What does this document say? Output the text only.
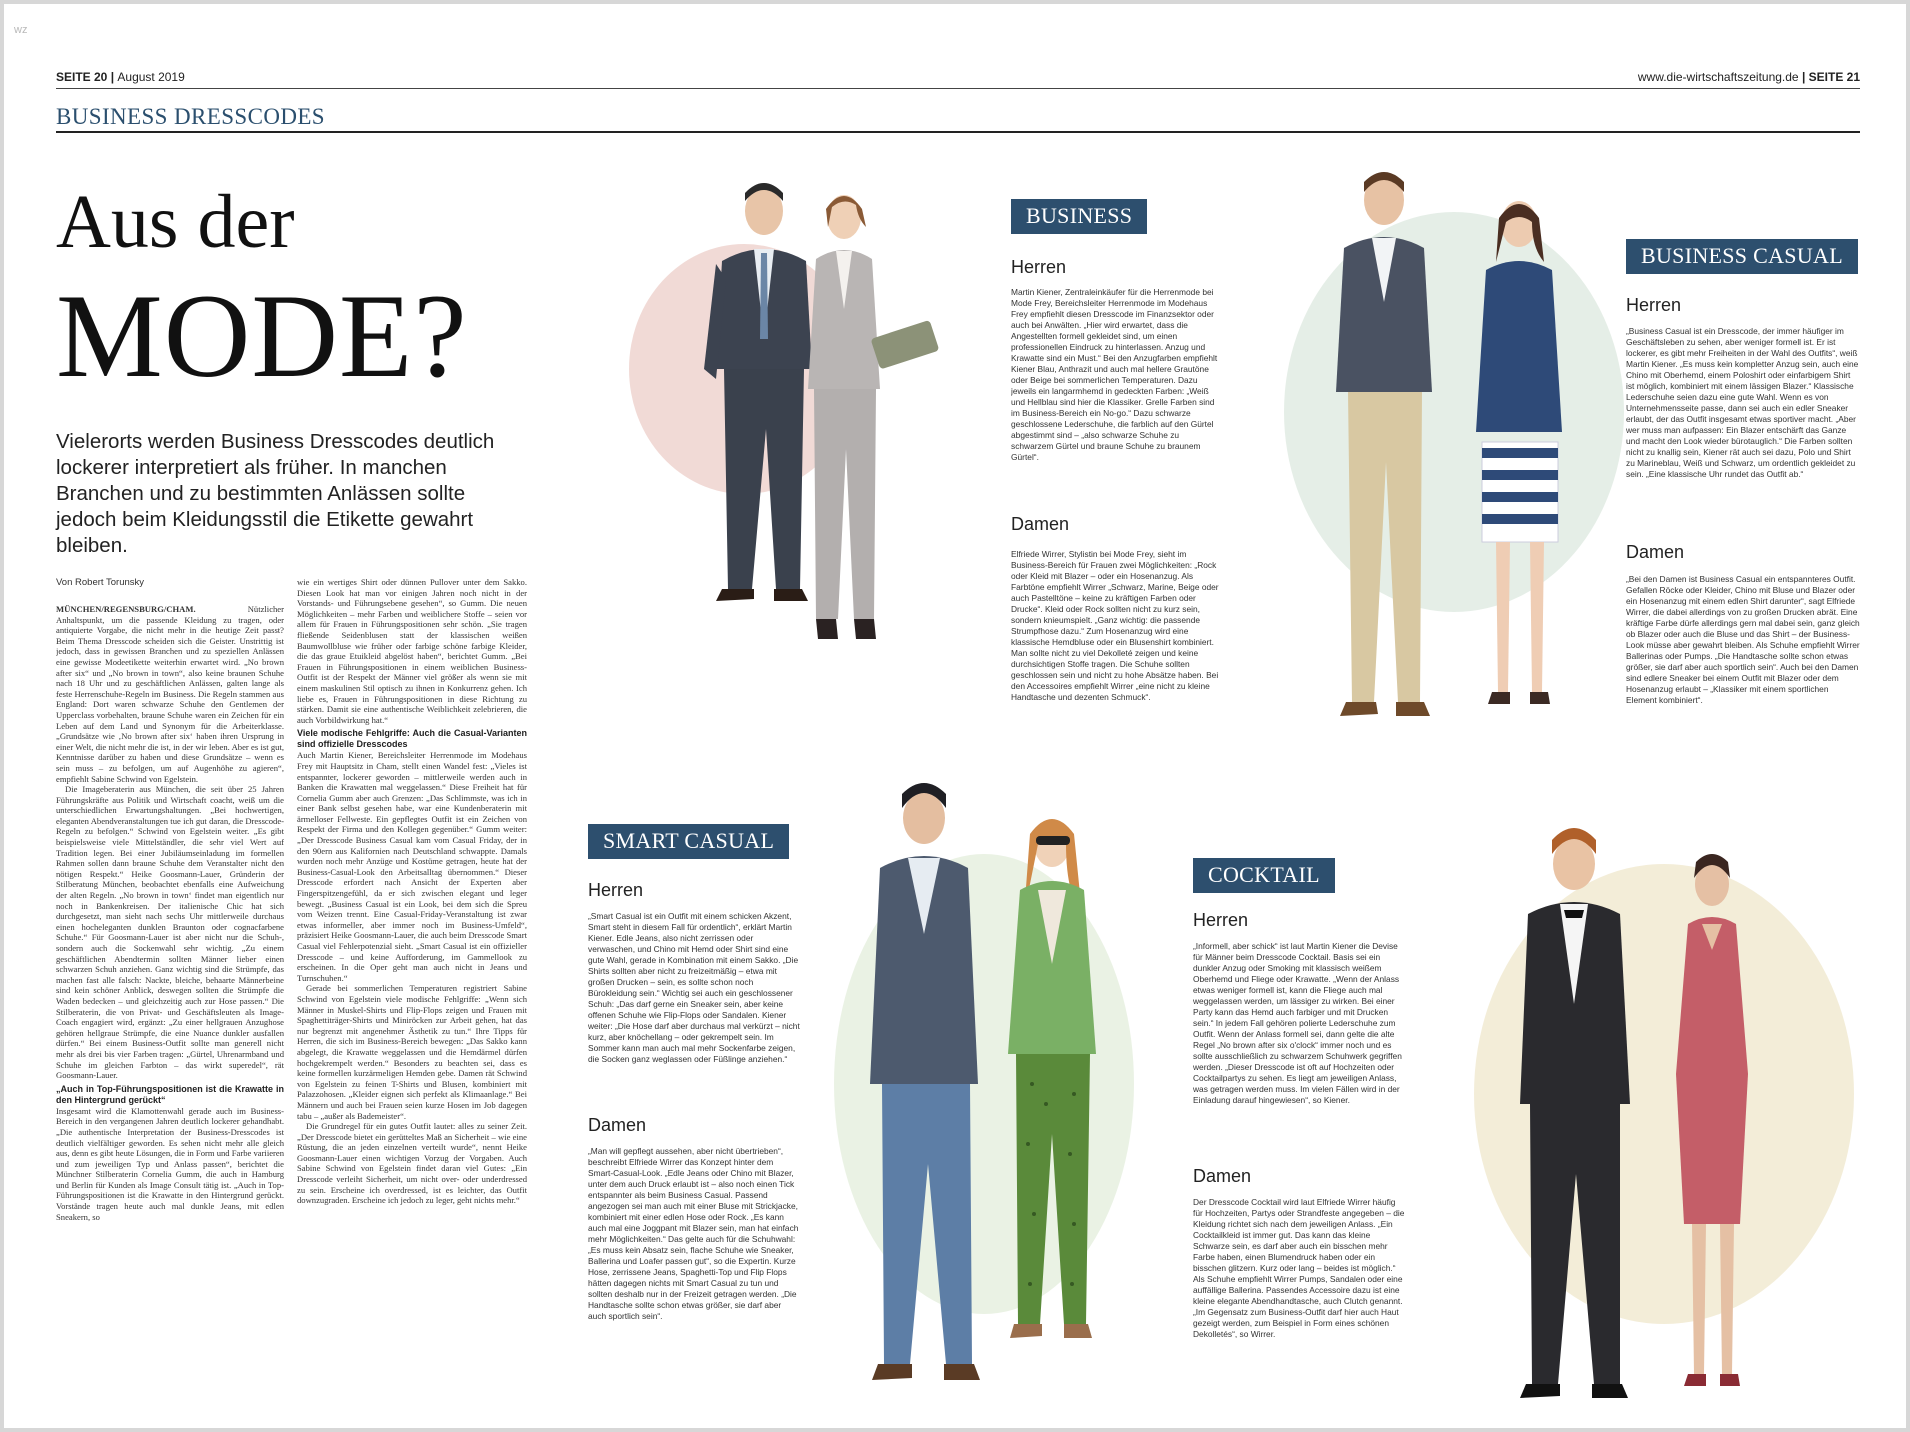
wz
SEITE 20 | August 2019	www.die-wirtschaftszeitung.de | SEITE 21
BUSINESS DRESSCODES
Aus der
MODE?
Vielerorts werden Business Dresscodes deutlich lockerer interpretiert als früher. In manchen Branchen und zu bestimmten Anlässen sollte jedoch beim Kleidungsstil die Etikette gewahrt bleiben.
Von Robert Torunsky

MÜNCHEN/REGENSBURG/CHAM.	Nützlicher Anhaltspunkt, um die passende Kleidung zu tragen, oder antiquierte Vorgabe, die nicht mehr in die heutige Zeit passt? Beim Thema Dresscode scheiden sich die Geister. Unstrittig ist jedoch, dass in gewissen Branchen und zu speziellen Anlässen eine gewisse Modeetikette weiterhin erwartet wird. „No brown after six“ und „No brown in town“, also keine braunen Schuhe nach 18 Uhr und zu geschäftlichen Anlässen, galten lange als feste Herrenschuhe-Regeln im Business. Die Regeln stammen aus England: Dort waren schwarze Schuhe den Gentlemen der Upperclass vorbehalten, braune Schuhe waren ein Zeichen für ein Leben auf dem Land und Synonym für die Arbeiterklasse. „Grundsätze wie ‚No brown after six‘ haben ihren Ursprung in einer Welt, die nicht mehr die ist, in der wir leben. Aber es ist gut, Kenntnisse darüber zu haben und diese Grundsätze – wenn es sein muss – zu befolgen, um auf Augenhöhe zu agieren“, empfiehlt Sabine Schwind von Egelstein.

Die Imageberaterin aus München, die seit über 25 Jahren Führungskräfte aus Politik und Wirtschaft coacht, weiß um die unterschiedlichen Erwartungshaltungen. „Bei hochwertigen, eleganten Abendveranstaltungen tue ich gut daran, die Dresscode-Regeln zu befolgen.“ Schwind von Egelstein weiter. „Es gibt beispielsweise viele Mittelständler, die sehr viel Wert auf Tradition legen. Bei einer Jubiläumseinladung im formellen Rahmen sollen dann braune Schuhe dem Veranstalter nicht den nötigen Respekt.“ Heike Goosmann-Lauer, Gründerin der Stilberatung München, beobachtet ebenfalls eine Aufweichung der alten Regeln. „No brown in town‘ findet man eigentlich nur noch in Bankenkreisen. Der italienische Chic hat sich durchgesetzt, man sieht nach sechs Uhr mittlerweile durchaus einen hocheleganten dunklen Braunton oder cognacfarbene Schuhe.“ Für Goosmann-Lauer ist aber nicht nur die Schuh-, sondern auch die Sockenwahl sehr wichtig. „Zu einem geschäftlichen Abendtermin sollten Männer lieber einen schwarzen Schuh anziehen. Ganz wichtig sind die Strümpfe, das machen fast alle falsch: Nackte, bleiche, behaarte Männerbeine sind kein schöner Anblick, deswegen sollten die Strümpfe die Waden bedecken – und gleichzeitig auch zur Hose passen.“ Die Stilberaterin, die von Privat- und Geschäftsleuten als Image-Coach engagiert wird, ergänzt: „Zu einer hellgrauen Anzughose gehören hellgraue Strümpfe, die eine Nuance dunkler ausfallen dürfen.“ Bei einem Business-Outfit sollte man generell nicht mehr als drei bis vier Farben tragen: „Gürtel, Uhrenarmband und Schuhe im gleichen Farbton – das wirkt superedel“, rät Goosmann-Lauer.

„Auch in Top-Führungspositionen ist die Krawatte in den Hintergrund gerückt“

Insgesamt wird die Klamottenwahl gerade auch im Business-Bereich in den vergangenen Jahren deutlich lockerer gehandhabt. „Die authentische Interpretation der Business-Dresscodes ist deutlich vielfältiger geworden. Es sehen nicht mehr alle gleich aus, denn es gibt heute Lösungen, die in Form und Farbe variieren und zum jeweiligen Typ und Anlass passen“, berichtet die Münchner Stilberaterin Cornelia Gumm, die auch in Hamburg und Berlin für Kunden als Image Consult tätig ist. „Auch in Top-Führungspositionen ist die Krawatte in den Hintergrund gerückt. Vorstände tragen heute auch mal dunkle Jeans, mit edlen Sneakern, so

wie ein wertiges Shirt oder dünnen Pullover unter dem Sakko. Diesen Look hat man vor einigen Jahren noch nicht in der Vorstands- und Führungsebene gesehen“, so Gumm. Die neuen Möglichkeiten – mehr Farben und weiblichere Stoffe – seien vor allem für Frauen in Führungspositionen sehr schön. „Sie tragen fließende Seidenblusen statt der klassischen weißen Baumwollbluse wie früher oder farbige schöne farbige Kleider, die das graue Etuikleid abgelöst haben“, berichtet Gumm. „Bei Frauen in Führungspositionen in einem weiblichen Business-Outfit ist der Respekt der Männer viel größer als wenn sie mit einem maskulinen Stil optisch zu ihnen in Konkurrenz gehen. Ich liebe es, Frauen in Führungspositionen in diese Richtung zu stärken. Damit sie eine authentische Weiblichkeit zelebrieren, die auch Vorbildwirkung hat.“

Viele modische Fehlgriffe: Auch die Casual-Varianten sind offizielle Dresscodes

Auch Martin Kiener, Bereichsleiter Herrenmode im Modehaus Frey mit Hauptsitz in Cham, stellt einen Wandel fest: „Vieles ist entspannter, lockerer geworden – mittlerweile werden auch in Banken die Krawatten mal weggelassen.“ Diese Freiheit hat für Cornelia Gumm aber auch Grenzen: „Das Schlimmste, was ich in einer Bank selbst gesehen habe, war eine Kundenberaterin mit ärmelloser Fellweste. Ein gepflegtes Outfit ist ein Zeichen von Respekt der Firma und den Kollegen gegenüber.“ Gumm weiter: „Der Dresscode Business Casual kam vom Casual Friday, der in den 90ern aus Kalifornien nach Deutschland schwappte. Damals wurden noch mehr Anzüge und Kostüme getragen, heute hat der Business-Casual-Look den Arbeitsalltag übernommen.“ Dieser Dresscode erfordert nach Ansicht der Experten aber Fingerspitzengefühl, da er sich zwischen elegant und leger bewegt. „Business Casual ist ein Look, bei dem sich die Spreu vom Weizen trennt. Eine Casual-Friday-Veranstaltung ist zwar etwas informeller, aber immer noch im Business-Umfeld“, präzisiert Heike Goosmann-Lauer, die auch beim Dresscode Smart Casual viel Fehlerpotenzial sieht. „Smart Casual ist ein offizieller Dresscode – und keine Aufforderung, im Gammellook zu erscheinen. In die Oper geht man auch nicht in Jeans und Turnschuhen.“

Gerade bei sommerlichen Temperaturen registriert Sabine Schwind von Egelstein viele modische Fehlgriffe: „Wenn sich Männer in Muskel-Shirts und Flip-Flops zeigen und Frauen mit Spaghettiträger-Shirts und Miniröcken zur Arbeit gehen, hat das nur begrenzt mit angenehmer Ästhetik zu tun.“ Ihre Tipps für Herren, die sich im Business-Bereich bewegen: „Das Sakko kann abgelegt, die Krawatte weggelassen und die Hemdärmel dürfen hochgekrempelt werden.“ Besonders zu beachten sei, dass es keine formellen kurzärmeligen Hemden gebe. Damen rät Schwind von Egelstein zu feinen T-Shirts und Blusen, kombiniert mit Palazzohosen. „Kleider eignen sich perfekt als Klimaanlage.“ Bei Männern und auch bei Frauen seien kurze Hosen im Job dagegen tabu – „außer als Bademeister“.

Die Grundregel für ein gutes Outfit lautet: alles zu seiner Zeit. „Der Dresscode bietet ein gerütteltes Maß an Sicherheit – wie eine Rüstung, die an jeden einzelnen verteilt wurde“, nennt Heike Goosmann-Lauer einen wichtigen Vorzug der Vorgaben. Auch Sabine Schwind von Egelstein findet daran viel Gutes: „Ein Dresscode verleiht Sicherheit, um nicht over- oder underdressed zu sein. Erscheine ich overdressed, ist es leichter, das Outfit downzugraden. Erscheine ich jedoch zu leger, geht nichts mehr.“

BUSINESS
Herren
Martin Kiener, Zentraleinkäufer für die Herrenmode bei Mode Frey, Bereichsleiter Herrenmode im Modehaus Frey empfiehlt diesen Dresscode im Finanzsektor oder auch bei Anwälten. „Hier wird erwartet, dass die Angestellten formell gekleidet sind, um einen professionellen Eindruck zu hinterlassen. Anzug und Krawatte sind ein Must.“ Bei den Anzugfarben empfiehlt Kiener Blau, Anthrazit und auch mal hellere Grautöne oder Beige bei sommerlichen Temperaturen. Dazu jeweils ein langarmhemd in gedeckten Farben: „Weiß und Hellblau sind hier die Klassiker. Grelle Farben sind im Business-Bereich ein No-go.“ Dazu schwarze geschlossene Lederschuhe, die farblich auf den Gürtel abgestimmt sind – „also schwarze Schuhe zu schwarzem Gürtel und braune Schuhe zu braunem Gürtel“.
Damen
Elfriede Wirrer, Stylistin bei Mode Frey, sieht im Business-Bereich für Frauen zwei Möglichkeiten: „Rock oder Kleid mit Blazer – oder ein Hosenanzug. Als Farbtöne empfiehlt Wirrer „Schwarz, Marine, Beige oder auch Pastelltöne – keine zu kräftigen Farben oder Drucke“. Kleid oder Rock sollten nicht zu kurz sein, sondern knieumspielt. „Ganz wichtig: die passende Strumpfhose dazu.“ Zum Hosenanzug wird eine klassische Hemdbluse oder ein Blusenshirt kombiniert. Man sollte nicht zu viel Dekolleté zeigen und keine durchsichtigen Stoffe tragen. Die Schuhe sollten geschlossen sein und nicht zu hohe Absätze haben. Bei den Accessoires empfiehlt Wirrer „eine nicht zu kleine Handtasche und dezenten Schmuck“.
BUSINESS CASUAL
Herren
„Business Casual ist ein Dresscode, der immer häufiger im Geschäftsleben zu sehen, aber weniger formell ist. Er ist lockerer, es gibt mehr Freiheiten in der Wahl des Outfits“, weiß Martin Kiener. „Es muss kein kompletter Anzug sein, auch eine Chino mit Oberhemd, einem Poloshirt oder einfarbigem Shirt ist möglich, kombiniert mit einem lässigen Blazer.“ Klassische Lederschuhe seien dazu eine gute Wahl. Wenn es von Unternehmensseite passe, dann sei auch ein edler Sneaker erlaubt, der das Outfit insgesamt etwas sportiver macht. „Aber wer muss man aufpassen: Ein Blazer entschärft das Ganze und macht den Look wieder bürotauglich.“ Die Farben sollten nicht zu knallig sein, Kiener rät auch sei dazu, Polo und Shirt zu Marineblau, Weiß und Schwarz, um ordentlich gekleidet zu sein. „Eine klassische Uhr rundet das Outfit ab.“
Damen
„Bei den Damen ist Business Casual ein entspannteres Outfit. Gefallen Röcke oder Kleider, Chino mit Bluse und Blazer oder ein Hosenanzug mit einem edlen Shirt darunter“, sagt Elfriede Wirrer, die dabei allerdings von zu großen Drucken abrät. Eine kräftige Farbe dürfe allerdings gern mal dabei sein, ganz gleich ob Blazer oder auch die Bluse und das Shirt – der Business-Look müsse aber gewahrt bleiben. Als Schuhe empfiehlt Wirrer Ballerinas oder Pumps. „Die Handtasche sollte schon etwas größer, sie darf aber auch sportlich sein“. Auch bei den Damen sind edlere Sneaker bei einem Outfit mit Blazer oder dem Hosenanzug erlaubt – „Klassiker mit einem sportlichen Element kombiniert“.
SMART CASUAL
Herren
„Smart Casual ist ein Outfit mit einem schicken Akzent, Smart steht in diesem Fall für ordentlich“, erklärt Martin Kiener. Edle Jeans, also nicht zerrissen oder verwaschen, und Chino mit Hemd oder Shirt sind eine gute Wahl, gerade in Kombination mit einem Sakko. „Die Shirts sollten aber nicht zu freizeitmäßig – etwa mit großen Drucken – sein, es sollte schon noch Bürokleidung sein.“ Wichtig sei auch ein geschlossener Schuh: „Das darf gerne ein Sneaker sein, aber keine offenen Schuhe wie Flip-Flops oder Sandalen. Kiener weiter: „Die Hose darf aber durchaus mal verkürzt – nicht kurz, aber knöchellang – oder gekrempelt sein. Im Sommer kann man auch mal mehr Sockenfarbe zeigen, die Socken ganz weglassen oder Füßlinge anziehen.“
Damen
„Man will gepflegt aussehen, aber nicht übertrieben“, beschreibt Elfriede Wirrer das Konzept hinter dem Smart-Casual-Look. „Edle Jeans oder Chino mit Blazer, unter dem auch Druck erlaubt ist – also noch einen Tick entspannter als beim Business Casual. Passend angezogen sei man auch mit einer Bluse mit Strickjacke, kombiniert mit einer edlen Hose oder Rock. „Es kann auch mal eine Joggpant mit Blazer sein, man hat einfach mehr Möglichkeiten.“ Das gelte auch für die Schuhwahl: „Es muss kein Absatz sein, flache Schuhe wie Sneaker, Ballerina und Loafer passen gut“, so die Expertin. Kurze Hose, zerrissene Jeans, Spaghetti-Top und Flip Flops hätten dagegen nichts mit Smart Casual zu tun und sollten deshalb nur in der Freizeit getragen werden. „Die Handtasche sollte schon etwas größer, sie darf aber auch sportlich sein“.
COCKTAIL
Herren
„Informell, aber schick“ ist laut Martin Kiener die Devise für Männer beim Dresscode Cocktail. Basis sei ein dunkler Anzug oder Smoking mit klassisch weißem Oberhemd und Fliege oder Krawatte. „Wenn der Anlass etwas weniger formell ist, kann die Fliege auch mal weggelassen werden, um lässiger zu wirken. Bei einer Party kann das Hemd auch farbiger und mit Drucken sein.“ In jedem Fall gehören polierte Lederschuhe zum Outfit. Wenn der Anlass formell sei, dann gelte die alte Regel „No brown after six o'clock“ immer noch und es sollte ausschließlich zu schwarzem Schuhwerk gegriffen werden. „Dieser Dresscode ist oft auf Hochzeiten oder Cocktailpartys zu sehen. Es liegt am jeweiligen Anlass, was getragen werden muss. Im vielen Fällen wird in der Einladung darauf hingewiesen“, so Kiener.
Damen
Der Dresscode Cocktail wird laut Elfriede Wirrer häufig für Hochzeiten, Partys oder Strandfeste angegeben – die Kleidung richtet sich nach dem jeweiligen Anlass. „Ein Cocktailkleid ist immer gut. Das kann das kleine Schwarze sein, es darf aber auch ein bisschen mehr Farbe haben, einen Blumendruck haben oder ein bisschen glitzern. Kurz oder lang – beides ist möglich.“ Als Schuhe empfiehlt Wirrer Pumps, Sandalen oder eine auffällige Ballerina. Passendes Accessoire dazu ist eine kleine elegante Abendhandtasche, auch Clutch genannt. „Im Gegensatz zum Business-Outfit darf hier auch Haut gezeigt werden, zum Beispiel in Form eines schönen Dekolletés“, so Wirrer.
